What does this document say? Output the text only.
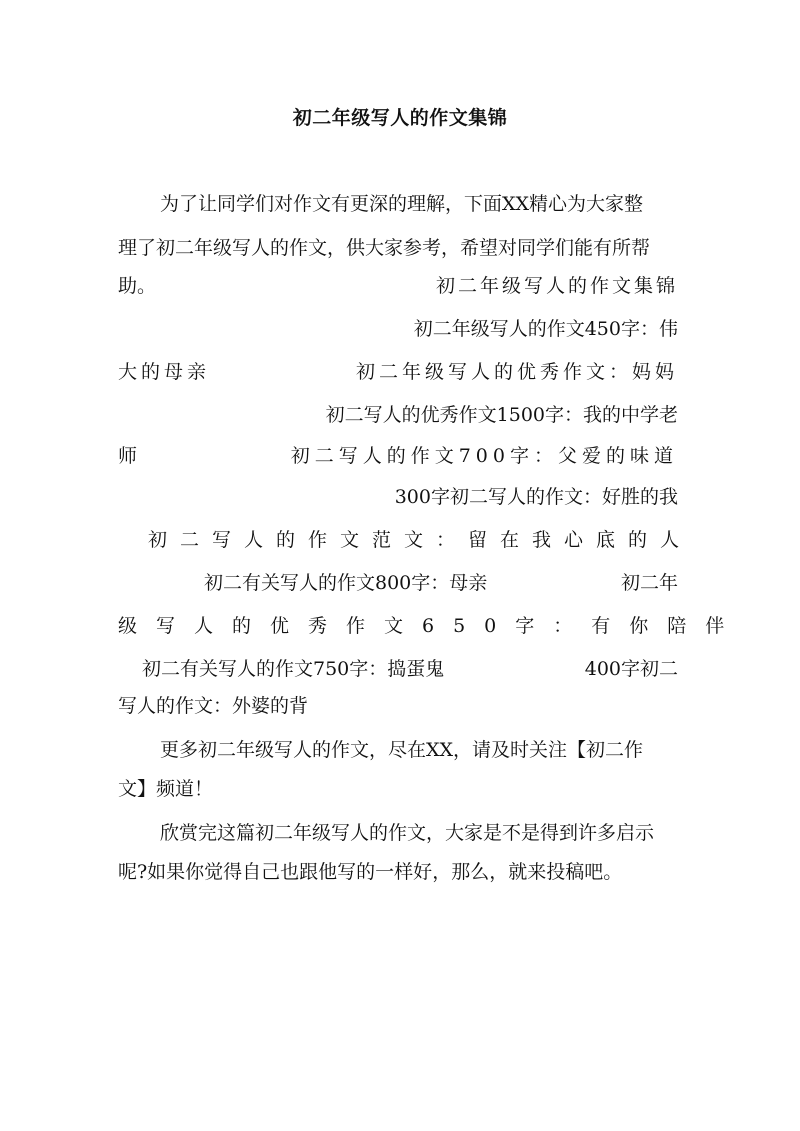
初二年级写人的作文集锦
为了让同学们对作文有更深的理解，下面XX精心为大家整
理了初二年级写人的作文，供大家参考，希望对同学们能有所帮
助。	初二年级写人的作文集锦
初二年级写人的作文450字：伟
大的母亲	初二年级写人的优秀作文：妈妈
初二写人的优秀作文1500字：我的中学老
师	初二写人的作文700字：父爱的味道
300字初二写人的作文：好胜的我
初二写人的作文范文：留在我心底的人
初二有关写人的作文800字：母亲	初二年
级写人的优秀作文650字：有你陪伴
初二有关写人的作文750字：捣蛋鬼	400字初二
写人的作文：外婆的背
更多初二年级写人的作文，尽在XX，请及时关注【初二作
文】频道！
欣赏完这篇初二年级写人的作文，大家是不是得到许多启示
呢?如果你觉得自己也跟他写的一样好，那么，就来投稿吧。
